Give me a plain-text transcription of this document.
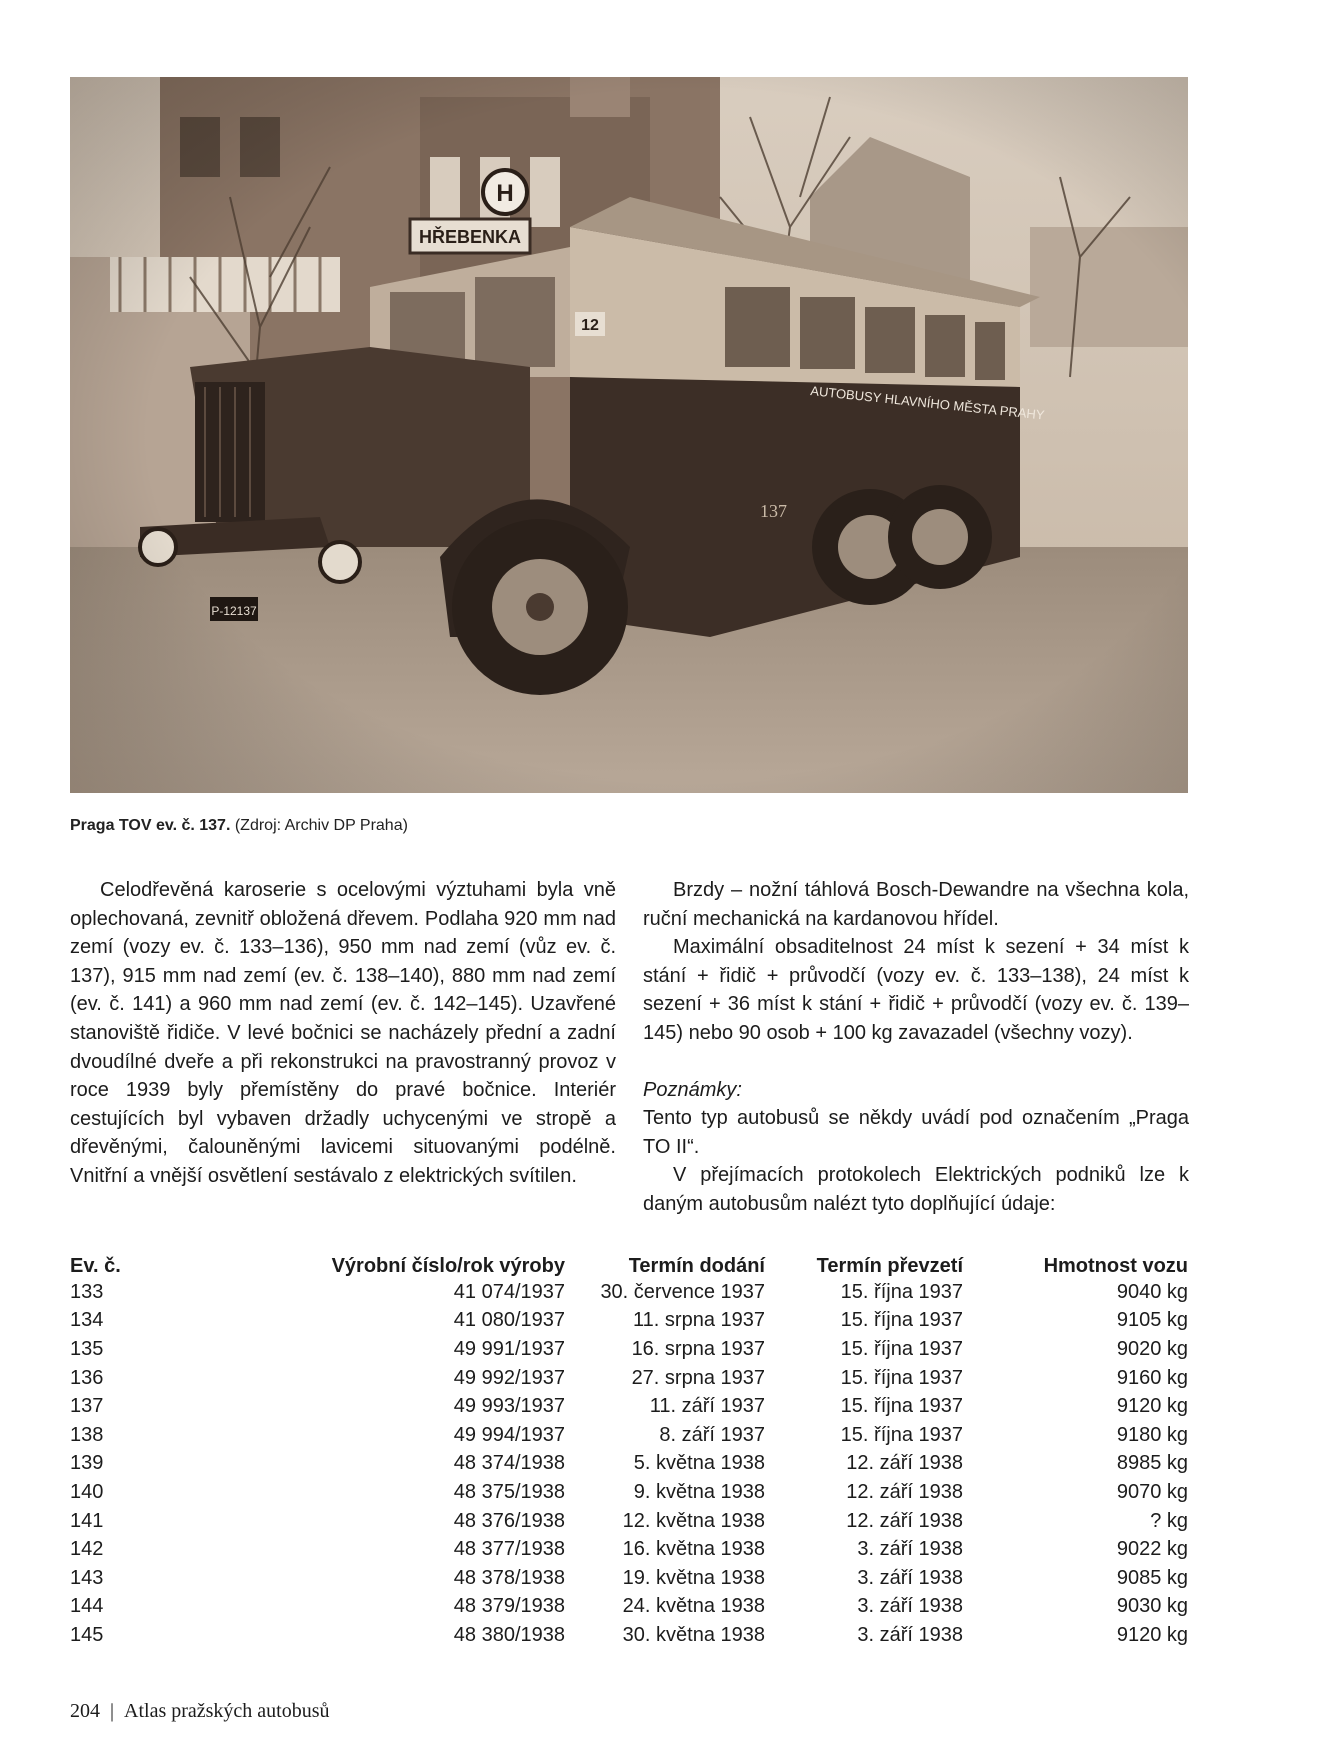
Praga TOV ev. č. 137. (Zdroj: Archiv DP Praha)

Celodřevěná karoserie s ocelovými výztuhami byla vně oplechovaná, zevnitř obložená dřevem. Podlaha 920 mm nad zemí (vozy ev. č. 133–136), 950 mm nad zemí (vůz ev. č. 137), 915 mm nad zemí (ev. č. 138–140), 880 mm nad zemí (ev. č. 141) a 960 mm nad zemí (ev. č. 142–145). Uzavřené stanoviště řidiče. V levé bočnici se nacházely přední a zadní dvoudílné dveře a při rekonstrukci na pravostranný provoz v roce 1939 byly přemístěny do pravé bočnice. Interiér cestujících byl vybaven držadly uchycenými ve stropě a dřevěnými, čalouněnými lavicemi situovanými podélně. Vnitřní a vnější osvětlení sestávalo z elektrických svítilen.

Brzdy – nožní táhlová Bosch-Dewandre na všechna kola, ruční mechanická na kardanovou hřídel.

Maximální obsaditelnost 24 míst k sezení + 34 míst k stání + řidič + průvodčí (vozy ev. č. 133–138), 24 míst k sezení + 36 míst k stání + řidič + průvodčí (vozy ev. č. 139–145) nebo 90 osob + 100 kg zavazadel (všechny vozy).

Poznámky:

Tento typ autobusů se někdy uvádí pod označením „Praga TO II“.

V přejímacích protokolech Elektrických podniků lze k daným autobusům nalézt tyto doplňující údaje:

Ev. č.	Výrobní číslo/rok výroby	Termín dodání	Termín převzetí	Hmotnost vozu
133	41 074/1937	30. července 1937	15. října 1937	9040 kg
134	41 080/1937	11. srpna 1937	15. října 1937	9105 kg
135	49 991/1937	16. srpna 1937	15. října 1937	9020 kg
136	49 992/1937	27. srpna 1937	15. října 1937	9160 kg
137	49 993/1937	11. září 1937	15. října 1937	9120 kg
138	49 994/1937	8. září 1937	15. října 1937	9180 kg
139	48 374/1938	5. května 1938	12. září 1938	8985 kg
140	48 375/1938	9. května 1938	12. září 1938	9070 kg
141	48 376/1938	12. května 1938	12. září 1938	? kg
142	48 377/1938	16. května 1938	3. září 1938	9022 kg
143	48 378/1938	19. května 1938	3. září 1938	9085 kg
144	48 379/1938	24. května 1938	3. září 1938	9030 kg
145	48 380/1938	30. května 1938	3. září 1938	9120 kg
204 | Atlas pražských autobusů
